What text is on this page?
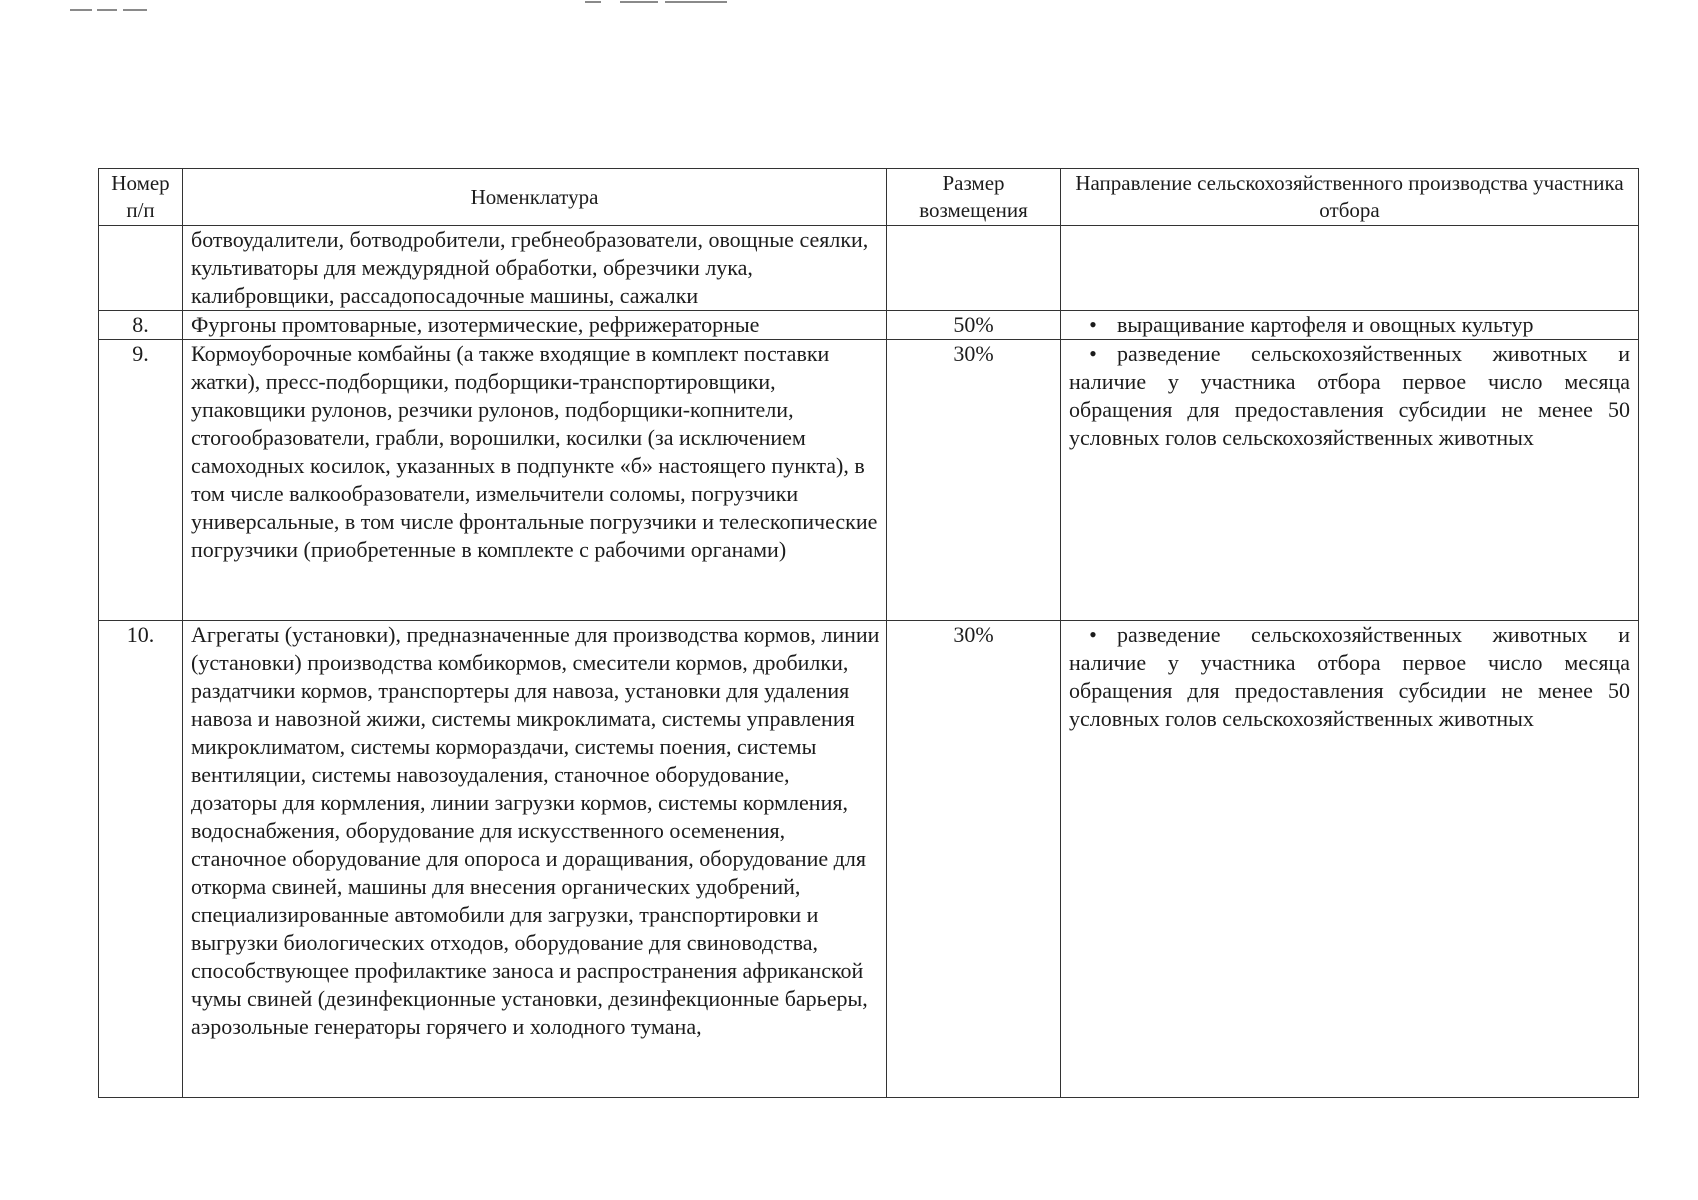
Номер п/п	Номенклатура	Размер возмещения	Направление сельскохозяйственного производства участника отбора
	ботвоудалители, ботводробители, гребнеобразователи, овощные сеялки, культиваторы для междурядной обработки, обрезчики лука, калибровщики, рассадопосадочные машины, сажалки		
8.	Фургоны промтоварные, изотермические, рефрижераторные	50%	• выращивание картофеля и овощных культур
9.	Кормоуборочные комбайны (а также входящие в комплект поставки жатки), пресс-подборщики, подборщики-транспортировщики, упаковщики рулонов, резчики рулонов, подборщики-копнители, стогообразователи, грабли, ворошилки, косилки (за исключением самоходных косилок, указанных в подпункте «б» настоящего пункта), в том числе валкообразователи, измельчители соломы, погрузчики универсальные, в том числе фронтальные погрузчики и телескопические погрузчики (приобретенные в комплекте с рабочими органами)	30%	• разведение сельскохозяйственных животных и наличие у участника отбора первое число месяца обращения для предоставления субсидии не менее 50 условных голов сельскохозяйственных животных
10.	Агрегаты (установки), предназначенные для производства кормов, линии (установки) производства комбикормов, смесители кормов, дробилки, раздатчики кормов, транспортеры для навоза, установки для удаления навоза и навозной жижи, системы микроклимата, системы управления микроклиматом, системы кормораздачи, системы поения, системы вентиляции, системы навозоудаления, станочное оборудование, дозаторы для кормления, линии загрузки кормов, системы кормления, водоснабжения, оборудование для искусственного осеменения, станочное оборудование для опороса и доращивания, оборудование для откорма свиней, машины для внесения органических удобрений, специализированные автомобили для загрузки, транспортировки и выгрузки биологических отходов, оборудование для свиноводства, способствующее профилактике заноса и распространения африканской чумы свиней (дезинфекционные установки, дезинфекционные барьеры, аэрозольные генераторы горячего и холодного тумана,	30%	• разведение сельскохозяйственных животных и наличие у участника отбора первое число месяца обращения для предоставления субсидии не менее 50 условных голов сельскохозяйственных животных
